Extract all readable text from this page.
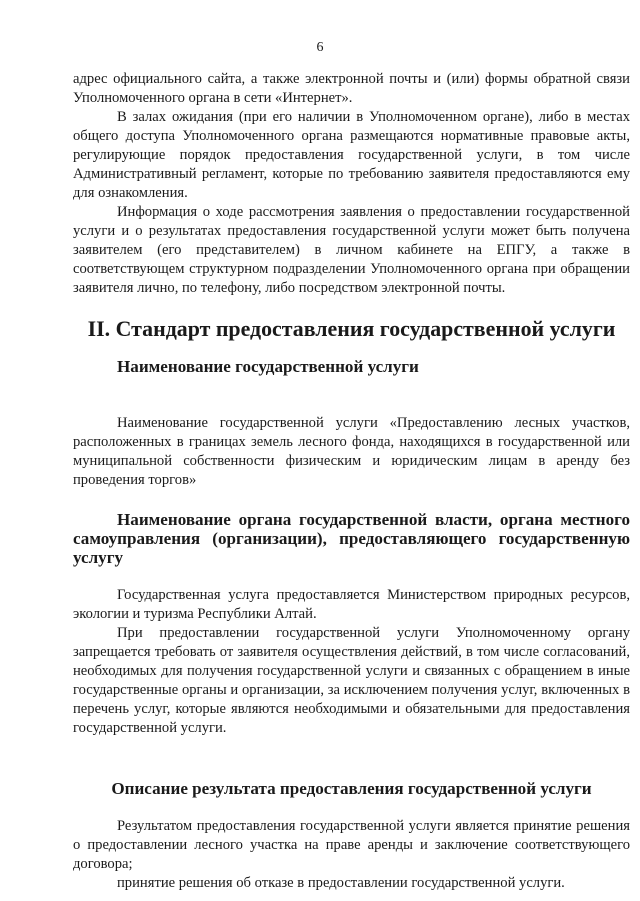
6

адрес официального сайта, а также электронной почты и (или) формы обратной связи Уполномоченного органа в сети «Интернет».

В залах ожидания (при его наличии в Уполномоченном органе), либо в местах общего доступа Уполномоченного органа размещаются нормативные правовые акты, регулирующие порядок предоставления государственной услуги, в том числе Административный регламент, которые по требованию заявителя предоставляются ему для ознакомления.

Информация о ходе рассмотрения заявления о предоставлении государственной услуги и о результатах предоставления государственной услуги может быть получена заявителем (его представителем) в личном кабинете на ЕПГУ, а также в соответствующем структурном подразделении Уполномоченного органа при обращении заявителя лично, по телефону, либо посредством электронной почты.

II. Стандарт предоставления государственной услуги
Наименование государственной услуги

Наименование государственной услуги «Предоставлению лесных участков, расположенных в границах земель лесного фонда, находящихся в государственной или муниципальной собственности физическим и юридическим лицам в аренду без проведения торгов»

Наименование органа государственной власти, органа местного самоуправления (организации), предоставляющего государственную услугу

Государственная услуга предоставляется Министерством природных ресурсов, экологии и туризма Республики Алтай.

При предоставлении государственной услуги Уполномоченному органу запрещается требовать от заявителя осуществления действий, в том числе согласований, необходимых для получения государственной услуги и связанных с обращением в иные государственные органы и организации, за исключением получения услуг, включенных в перечень услуг, которые являются необходимыми и обязательными для предоставления государственной услуги.

Описание результата предоставления государственной услуги

Результатом предоставления государственной услуги является принятие решения о предоставлении лесного участка на праве аренды и заключение соответствующего договора;

принятие решения об отказе в предоставлении государственной услуги.
